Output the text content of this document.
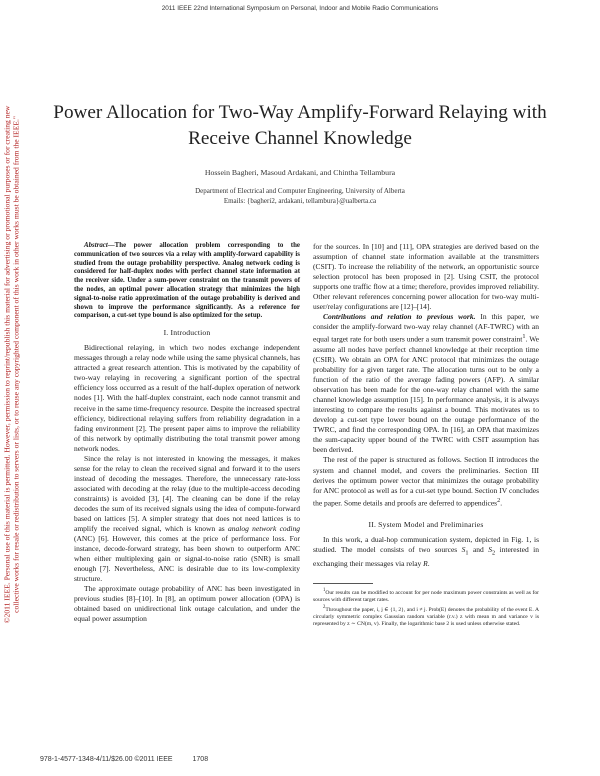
2011 IEEE 22nd International Symposium on Personal, Indoor and Mobile Radio Communications
©2011 IEEE. Personal use of this material is permitted. However, permission to reprint/republish this material for advertising or promotional purposes or for creating new collective works for resale or redistribution to servers or lists, or to reuse any copyrighted component of this work in other works must be obtained from the IEEE."
Power Allocation for Two-Way Amplify-Forward Relaying with Receive Channel Knowledge
Hossein Bagheri, Masoud Ardakani, and Chintha Tellambura
Department of Electrical and Computer Engineering, University of Alberta
Emails: {bagheri2, ardakani, tellambura}@ualberta.ca

Abstract—The power allocation problem corresponding to the communication of two sources via a relay with amplify-forward capability is studied from the outage probability perspective. Analog network coding is considered for half-duplex nodes with perfect channel state information at the receiver side. Under a sum-power constraint on the transmit powers of the nodes, an optimal power allocation strategy that minimizes the high signal-to-noise ratio approximation of the outage probability is derived and shown to improve the performance significantly. As a reference for comparison, a cut-set type bound is also optimized for the setup.

I. Introduction

Bidirectional relaying, in which two nodes exchange independent messages through a relay node while using the same physical channels, has attracted a great research attention. This is motivated by the capability of two-way relaying in recovering a significant portion of the spectral efficiency loss occurred as a result of the half-duplex operation of network nodes [1]. With the half-duplex constraint, each node cannot transmit and receive in the same time-frequency resource. Despite the increased spectral efficiency, bidirectional relaying suffers from reliability degradation in a fading environment [2]. The present paper aims to improve the reliability of this network by optimally distributing the total transmit power among network nodes.

Since the relay is not interested in knowing the messages, it makes sense for the relay to clean the received signal and forward it to the users instead of decoding the messages. Therefore, the unnecessary rate-loss associated with decoding at the relay (due to the multiple-access decoding constraints) is avoided [3], [4]. The cleaning can be done if the relay decodes the sum of its received signals using the idea of compute-forward based on lattices [5]. A simpler strategy that does not need lattices is to amplify the received signal, which is known as analog network coding (ANC) [6]. However, this comes at the price of performance loss. For instance, decode-forward strategy, has been shown to outperform ANC when either multiplexing gain or signal-to-noise ratio (SNR) is small enough [7]. Nevertheless, ANC is desirable due to its low-complexity structure.

The approximate outage probability of ANC has been investigated in previous studies [8]–[10]. In [8], an optimum power allocation (OPA) is obtained based on unidirectional link outage calculation, and under the equal power assumption

for the sources. In [10] and [11], OPA strategies are derived based on the assumption of channel state information available at the transmitters (CSIT). To increase the reliability of the network, an opportunistic source selection protocol has been proposed in [2]. Using CSIT, the protocol supports one traffic flow at a time; therefore, provides improved reliability. Other relevant references concerning power allocation for two-way multi-user/relay configurations are [12]–[14].

Contributions and relation to previous work. In this paper, we consider the amplify-forward two-way relay channel (AF-TWRC) with an equal target rate for both users under a sum transmit power constraint$^1$. We assume all nodes have perfect channel knowledge at their reception time (CSIR). We obtain an OPA for ANC protocol that minimizes the outage probability for a given target rate. The allocation turns out to be only a function of the ratio of the average fading powers (AFP). A similar observation has been made for the one-way relay channel with the same channel knowledge assumption [15]. In performance analysis, it is always interesting to compare the results against a bound. This motivates us to develop a cut-set type lower bound on the outage performance of the TWRC, and find the corresponding OPA. In [16], an OPA that maximizes the sum-capacity upper bound of the TWRC with CSIT assumption has been derived.

The rest of the paper is structured as follows. Section II introduces the system and channel model, and covers the preliminaries. Section III derives the optimum power vector that minimizes the outage probability for ANC protocol as well as for a cut-set type bound. Section IV concludes the paper. Some details and proofs are deferred to appendices$^2$.

II. System Model and Preliminaries

In this work, a dual-hop communication system, depicted in Fig. 1, is studied. The model consists of two sources $S_1$ and $S_2$ interested in exchanging their messages via relay R.

$^1$Our results can be modified to account for per node maximum power constraints as well as for sources with different target rates.

$^2$Throughout the paper, i, j ∈ {1, 2}, and i ≠ j. Prob(E) denotes the probability of the event E. A circularly symmetric complex Gaussian random variable (r.v.) z with mean m and variance v is represented by z ∼ CN(m, v). Finally, the logarithmic base 2 is used unless otherwise stated.

978-1-4577-1348-4/11/$26.00 ©2011 IEEE	1708
